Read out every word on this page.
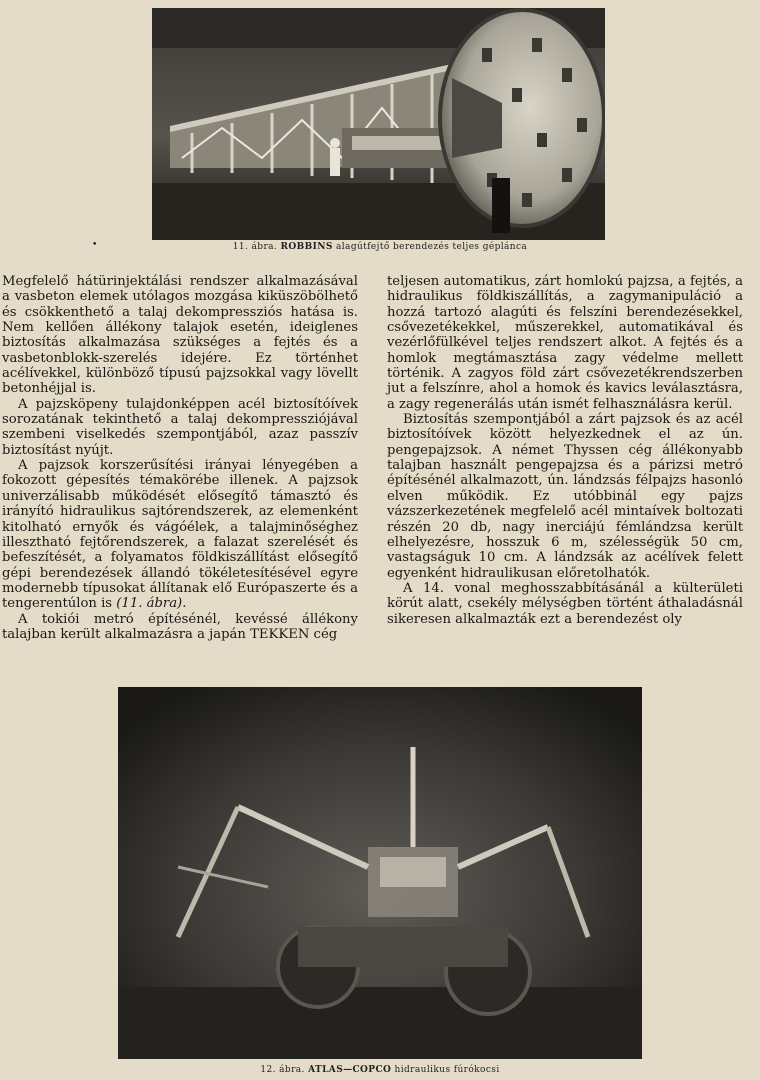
11. ábra. ROBBINS alagútfejtő berendezés teljes gépláncа
•

Megfelelő hátürinjektálási rendszer alkalmazásával a vasbeton elemek utólagos mozgása kiküszöbölhető és csökkenthető a talaj dekompressziós hatása is. Nem kellően állékony talajok esetén, ideiglenes biztosítás alkalmazása szükséges a fejtés és a vasbetonblokk-szerelés idejére. Ez történhet acélívekkel, különböző típusú pajzsokkal vagy lövellt betonhéjjal is.

A pajzsköpeny tulajdonképpen acél biztosítóívek sorozatának tekinthető a talaj dekompressziójával szembeni viselkedés szempontjából, azaz passzív biztosítást nyújt.

A pajzsok korszerűsítési irányai lényegében a fokozott gépesítés témakörébe illenek. A pajzsok univerzálisabb működését elősegítő támasztó és irányító hidraulikus sajtórendszerek, az elemenként kitolható ernyők és vágóélek, a talajminőséghez illesztható fejtőrendszerek, a falazat szerelését és befeszítését, a folyamatos földkiszállítást elősegítő gépi berendezések állandó tökéletesítésével egyre modernebb típusokat állítanak elő Európaszerte és a tengerentúlon is (11. ábra).

A tokiói metró építésénél, kevéssé állékony talajban került alkalmazásra a japán TEKKEN cég

teljesen automatikus, zárt homlokú pajzsa, a fejtés, a hidraulikus földkiszállítás, a zagymanipuláció a hozzá tartozó alagúti és felszíni berendezésekkel, csővezetékekkel, műszerekkel, automatikával és vezérlőfülkével teljes rendszert alkot. A fejtés és a homlok megtámasztása zagy védelme mellett történik. A zagyos föld zárt csővezetékrendszerben jut a felszínre, ahol a homok és kavics leválasztásra, a zagy regenerálás után ismét felhasználásra kerül.

Biztosítás szempontjából a zárt pajzsok és az acél biztosítóívek között helyezkednek el az ún. pengepajzsok. A német Thyssen cég állékonyabb talajban használt pengepajzsa és a párizsi metró építésénél alkalmazott, ún. lándzsás félpajzs hasonló elven működik. Ez utóbbinál egy pajzs vázszerkezetének megfelelő acél mintaívek boltozati részén 20 db, nagy inerciájú fémlándzsa került elhelyezésre, hosszuk 6 m, szélességük 50 cm, vastagságuk 10 cm. A lándzsák az acélívek felett egyenként hidraulikusan előretolhatók.

A 14. vonal meghosszabbításánál a külterületi körút alatt, csekély mélységben történt áthaladásnál sikeresen alkalmazták ezt a berendezést oly

12. ábra. ATLAS—COPCO hidraulikus fúrókocsi
